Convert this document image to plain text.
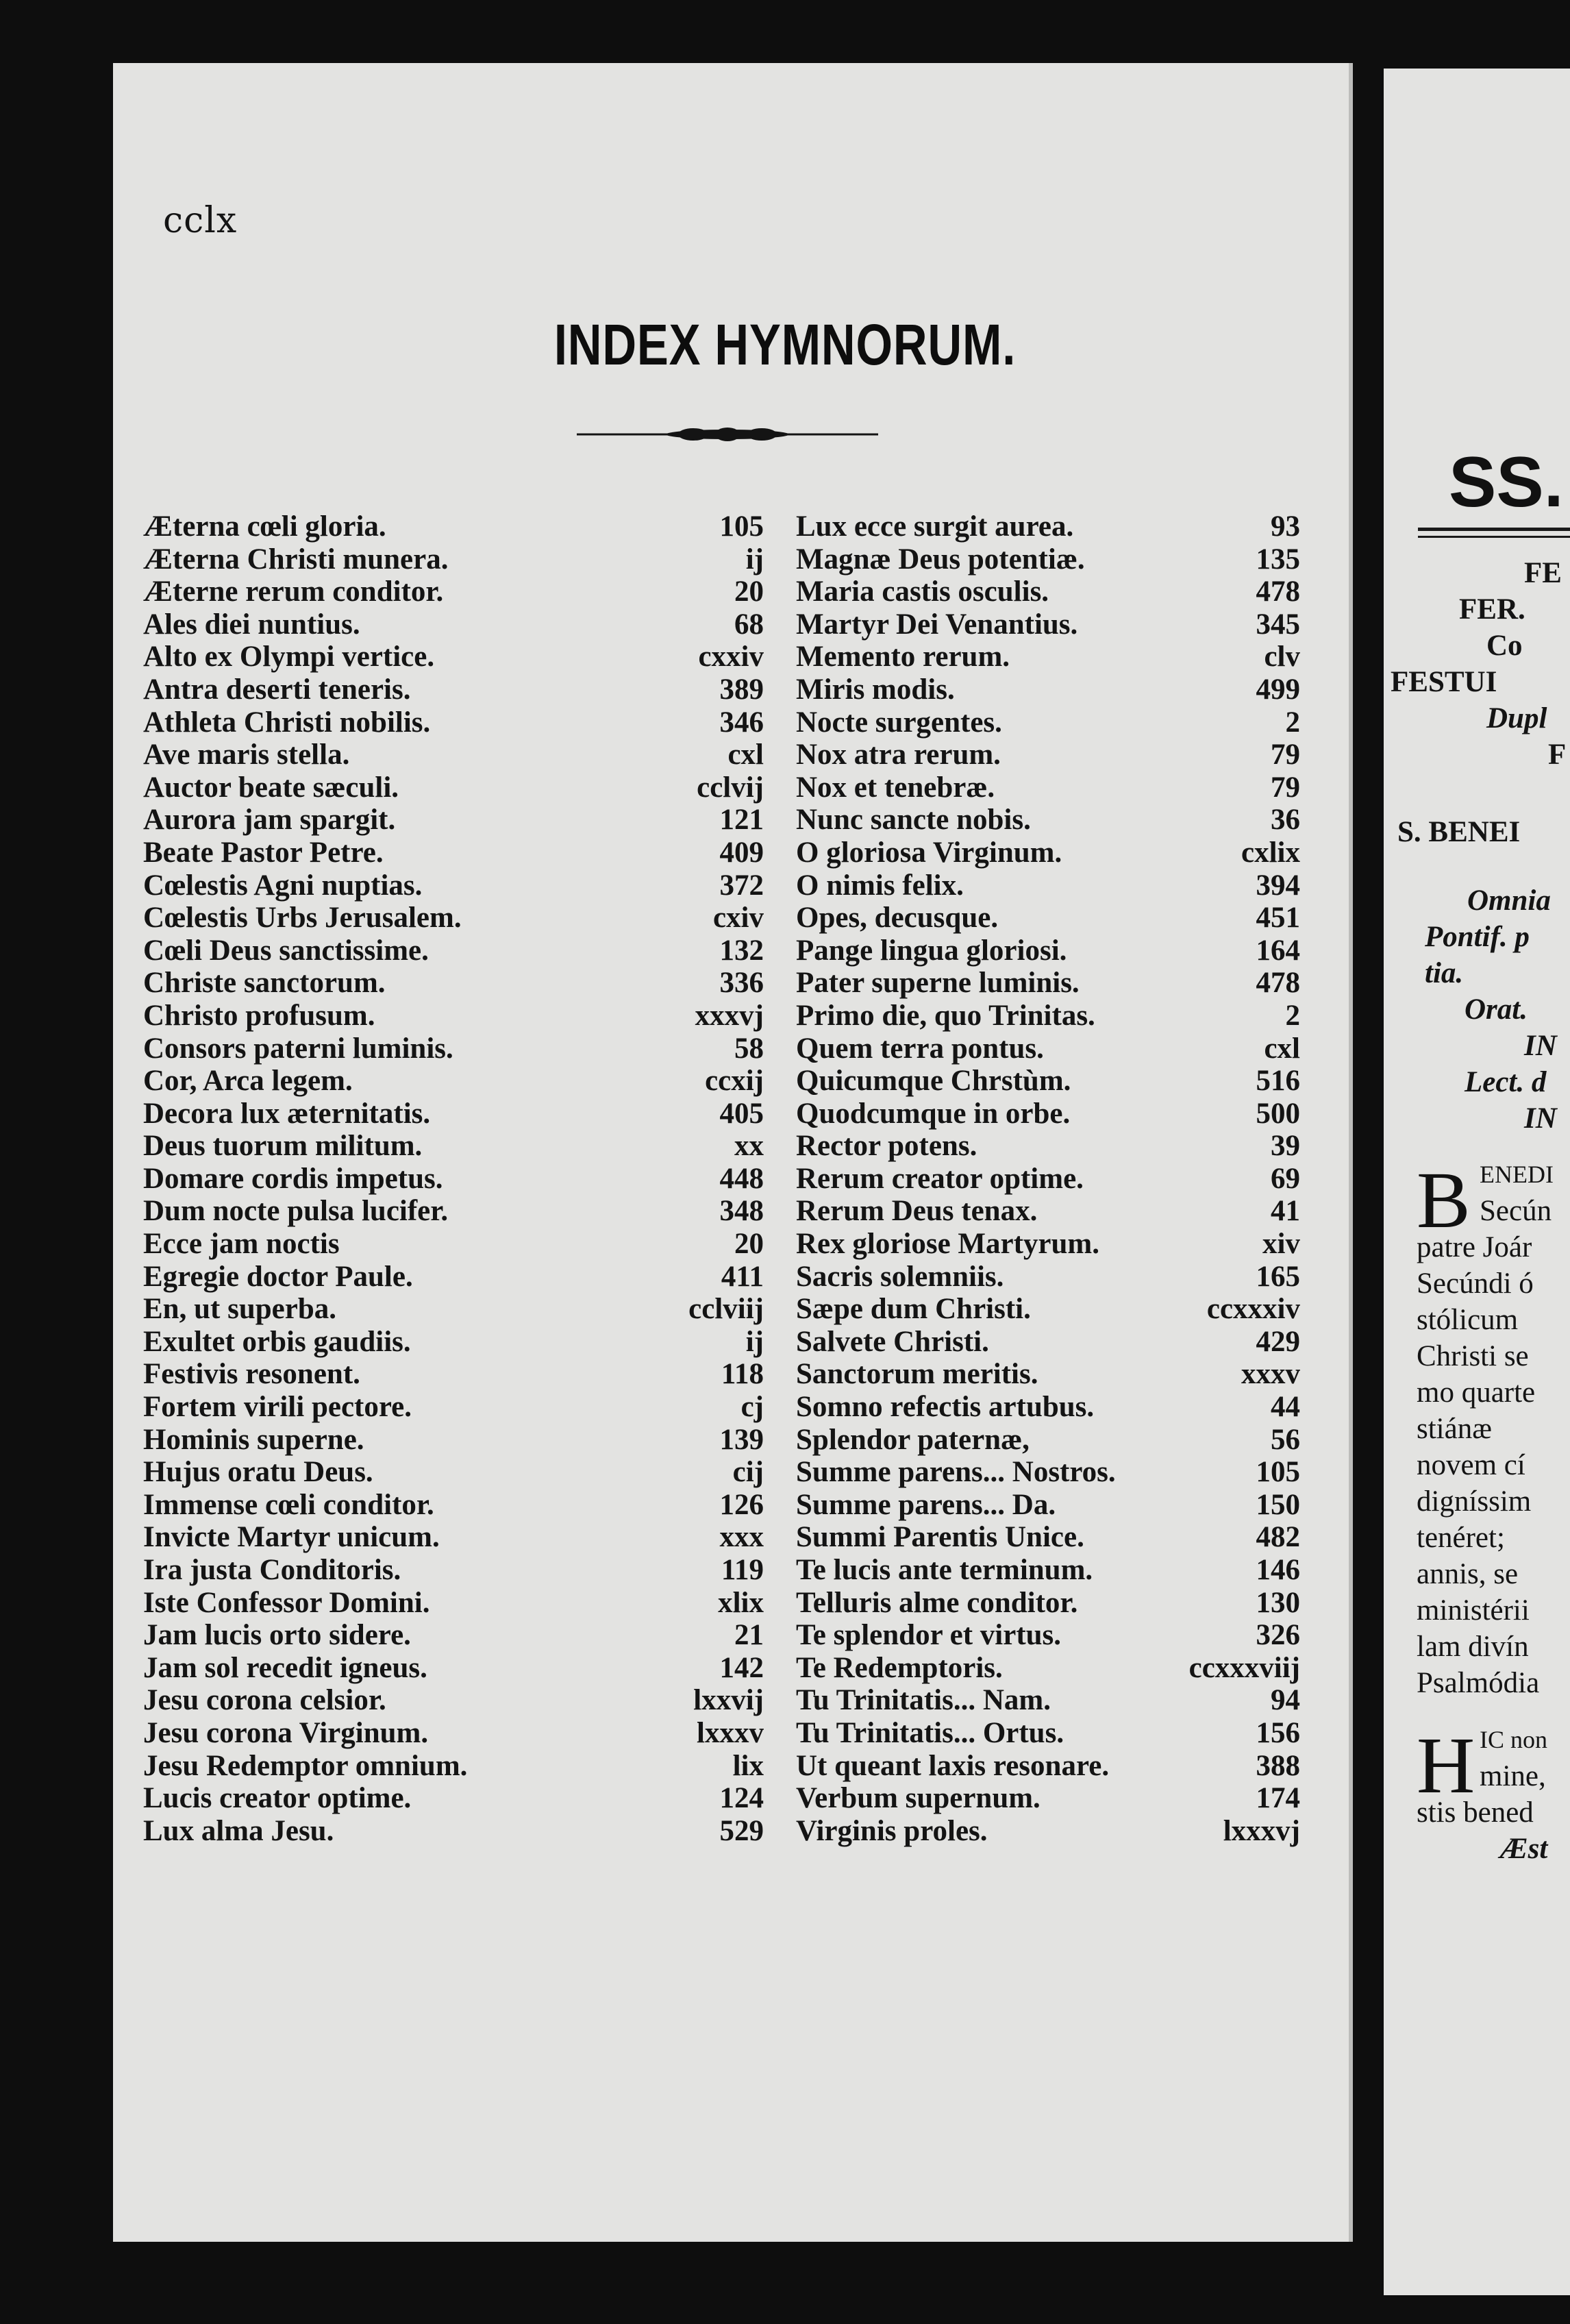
cclx
INDEX HYMNORUM.
Æterna cœli gloria.	105
Æterna Christi munera.	ij
Æterne rerum conditor.	20
Ales diei nuntius.	68
Alto ex Olympi vertice.	cxxiv
Antra deserti teneris.	389
Athleta Christi nobilis.	346
Ave maris stella.	cxl
Auctor beate sæculi.	cclvij
Aurora jam spargit.	121
Beate Pastor Petre.	409
Cœlestis Agni nuptias.	372
Cœlestis Urbs Jerusalem.	cxiv
Cœli Deus sanctissime.	132
Christe sanctorum.	336
Christo profusum.	xxxvj
Consors paterni luminis.	58
Cor, Arca legem.	ccxij
Decora lux æternitatis.	405
Deus tuorum militum.	xx
Domare cordis impetus.	448
Dum nocte pulsa lucifer.	348
Ecce jam noctis	20
Egregie doctor Paule.	411
En, ut superba.	cclviij
Exultet orbis gaudiis.	ij
Festivis resonent.	118
Fortem virili pectore.	cj
Hominis superne.	139
Hujus oratu Deus.	cij
Immense cœli conditor.	126
Invicte Martyr unicum.	xxx
Ira justa Conditoris.	119
Iste Confessor Domini.	xlix
Jam lucis orto sidere.	21
Jam sol recedit igneus.	142
Jesu corona celsior.	lxxvij
Jesu corona Virginum.	lxxxv
Jesu Redemptor omnium.	lix
Lucis creator optime.	124
Lux alma Jesu.	529
Lux ecce surgit aurea.	93
Magnæ Deus potentiæ.	135
Maria castis osculis.	478
Martyr Dei Venantius.	345
Memento rerum.	clv
Miris modis.	499
Nocte surgentes.	2
Nox atra rerum.	79
Nox et tenebræ.	79
Nunc sancte nobis.	36
O gloriosa Virginum.	cxlix
O nimis felix.	394
Opes, decusque.	451
Pange lingua gloriosi.	164
Pater superne luminis.	478
Primo die, quo Trinitas.	2
Quem terra pontus.	cxl
Quicumque Chrstùm.	516
Quodcumque in orbe.	500
Rector potens.	39
Rerum creator optime.	69
Rerum Deus tenax.	41
Rex gloriose Martyrum.	xiv
Sacris solemniis.	165
Sæpe dum Christi.	ccxxxiv
Salvete Christi.	429
Sanctorum meritis.	xxxv
Somno refectis artubus.	44
Splendor paternæ,	56
Summe parens... Nostros.	105
Summe parens... Da.	150
Summi Parentis Unice.	482
Te lucis ante terminum.	146
Telluris alme conditor.	130
Te splendor et virtus.	326
Te Redemptoris.	ccxxxviij
Tu Trinitatis... Nam.	94
Tu Trinitatis... Ortus.	156
Ut queant laxis resonare.	388
Verbum supernum.	174
Virginis proles.	lxxxvj
SS.
FE
FER.
Co
FESTUI
Dupl
F
S. BENEI
Omnia
Pontif. p
tia.
Orat.
IN
Lect. d
IN
B ENEDI
Secún
patre Joár
Secúndi ó
stólicum
Christi se
mo quarte
stiánæ
novem cí
digníssim
tenéret;
annis, se
ministérii
lam divín
Psalmódia
H IC non
mine,
stis bened
Æst
